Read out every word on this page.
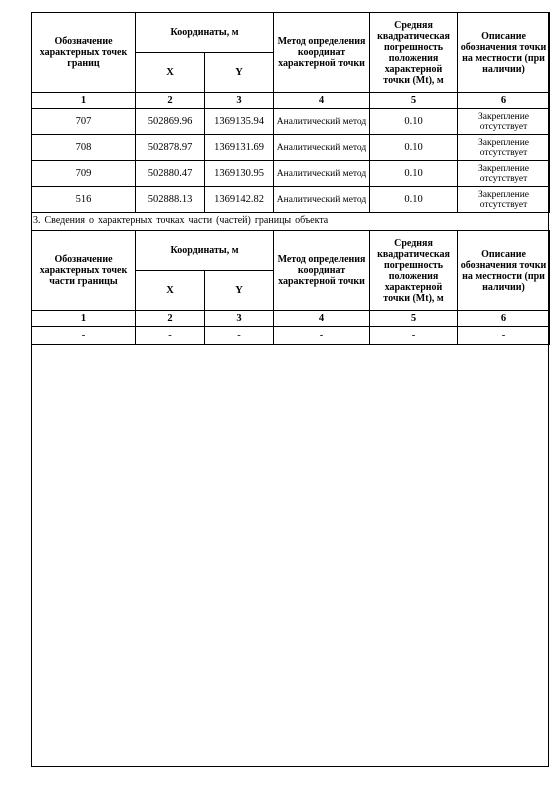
Обозначение характерных точек границ	Координаты, м		Метод определения координат характерной точки	Средняя квадратическая погрешность положения характерной точки (Mt), м	Описание обозначения точки на местности (при наличии)
	X	Y			
1	2	3	4	5	6
707	502869.96	1369135.94	Аналитический метод	0.10	Закрепление отсутствует
708	502878.97	1369131.69	Аналитический метод	0.10	Закрепление отсутствует
709	502880.47	1369130.95	Аналитический метод	0.10	Закрепление отсутствует
516	502888.13	1369142.82	Аналитический метод	0.10	Закрепление отсутствует
3. Сведения о характерных точках части (частей) границы объекта
Обозначение характерных точек части границы	Координаты, м		Метод определения координат характерной точки	Средняя квадратическая погрешность положения характерной точки (Mt), м	Описание обозначения точки на местности (при наличии)
	X	Y			
1	2	3	4	5	6
-	-	-	-	-	-
